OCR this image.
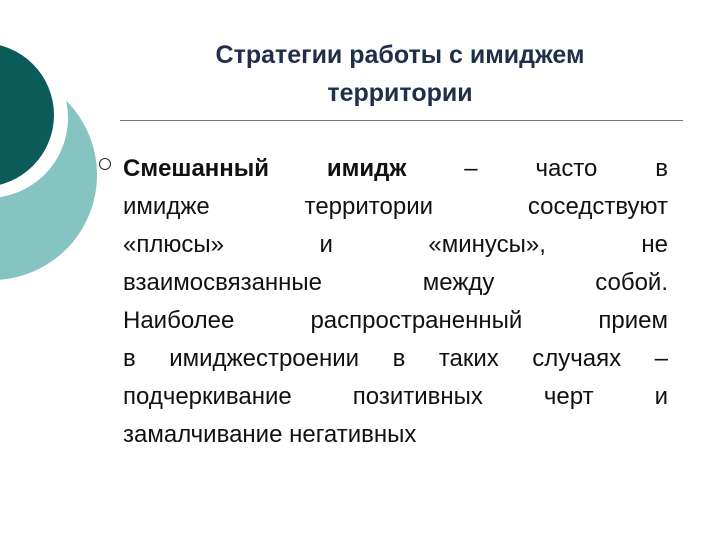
Стратегии работы с имиджем
территории
Смешанный имидж – часто в
имидже территории соседствуют
«плюсы» и «минусы», не
взаимосвязанные между собой.
Наиболее распространенный прием
в имиджестроении в таких случаях –
подчеркивание позитивных черт и
замалчивание негативных
